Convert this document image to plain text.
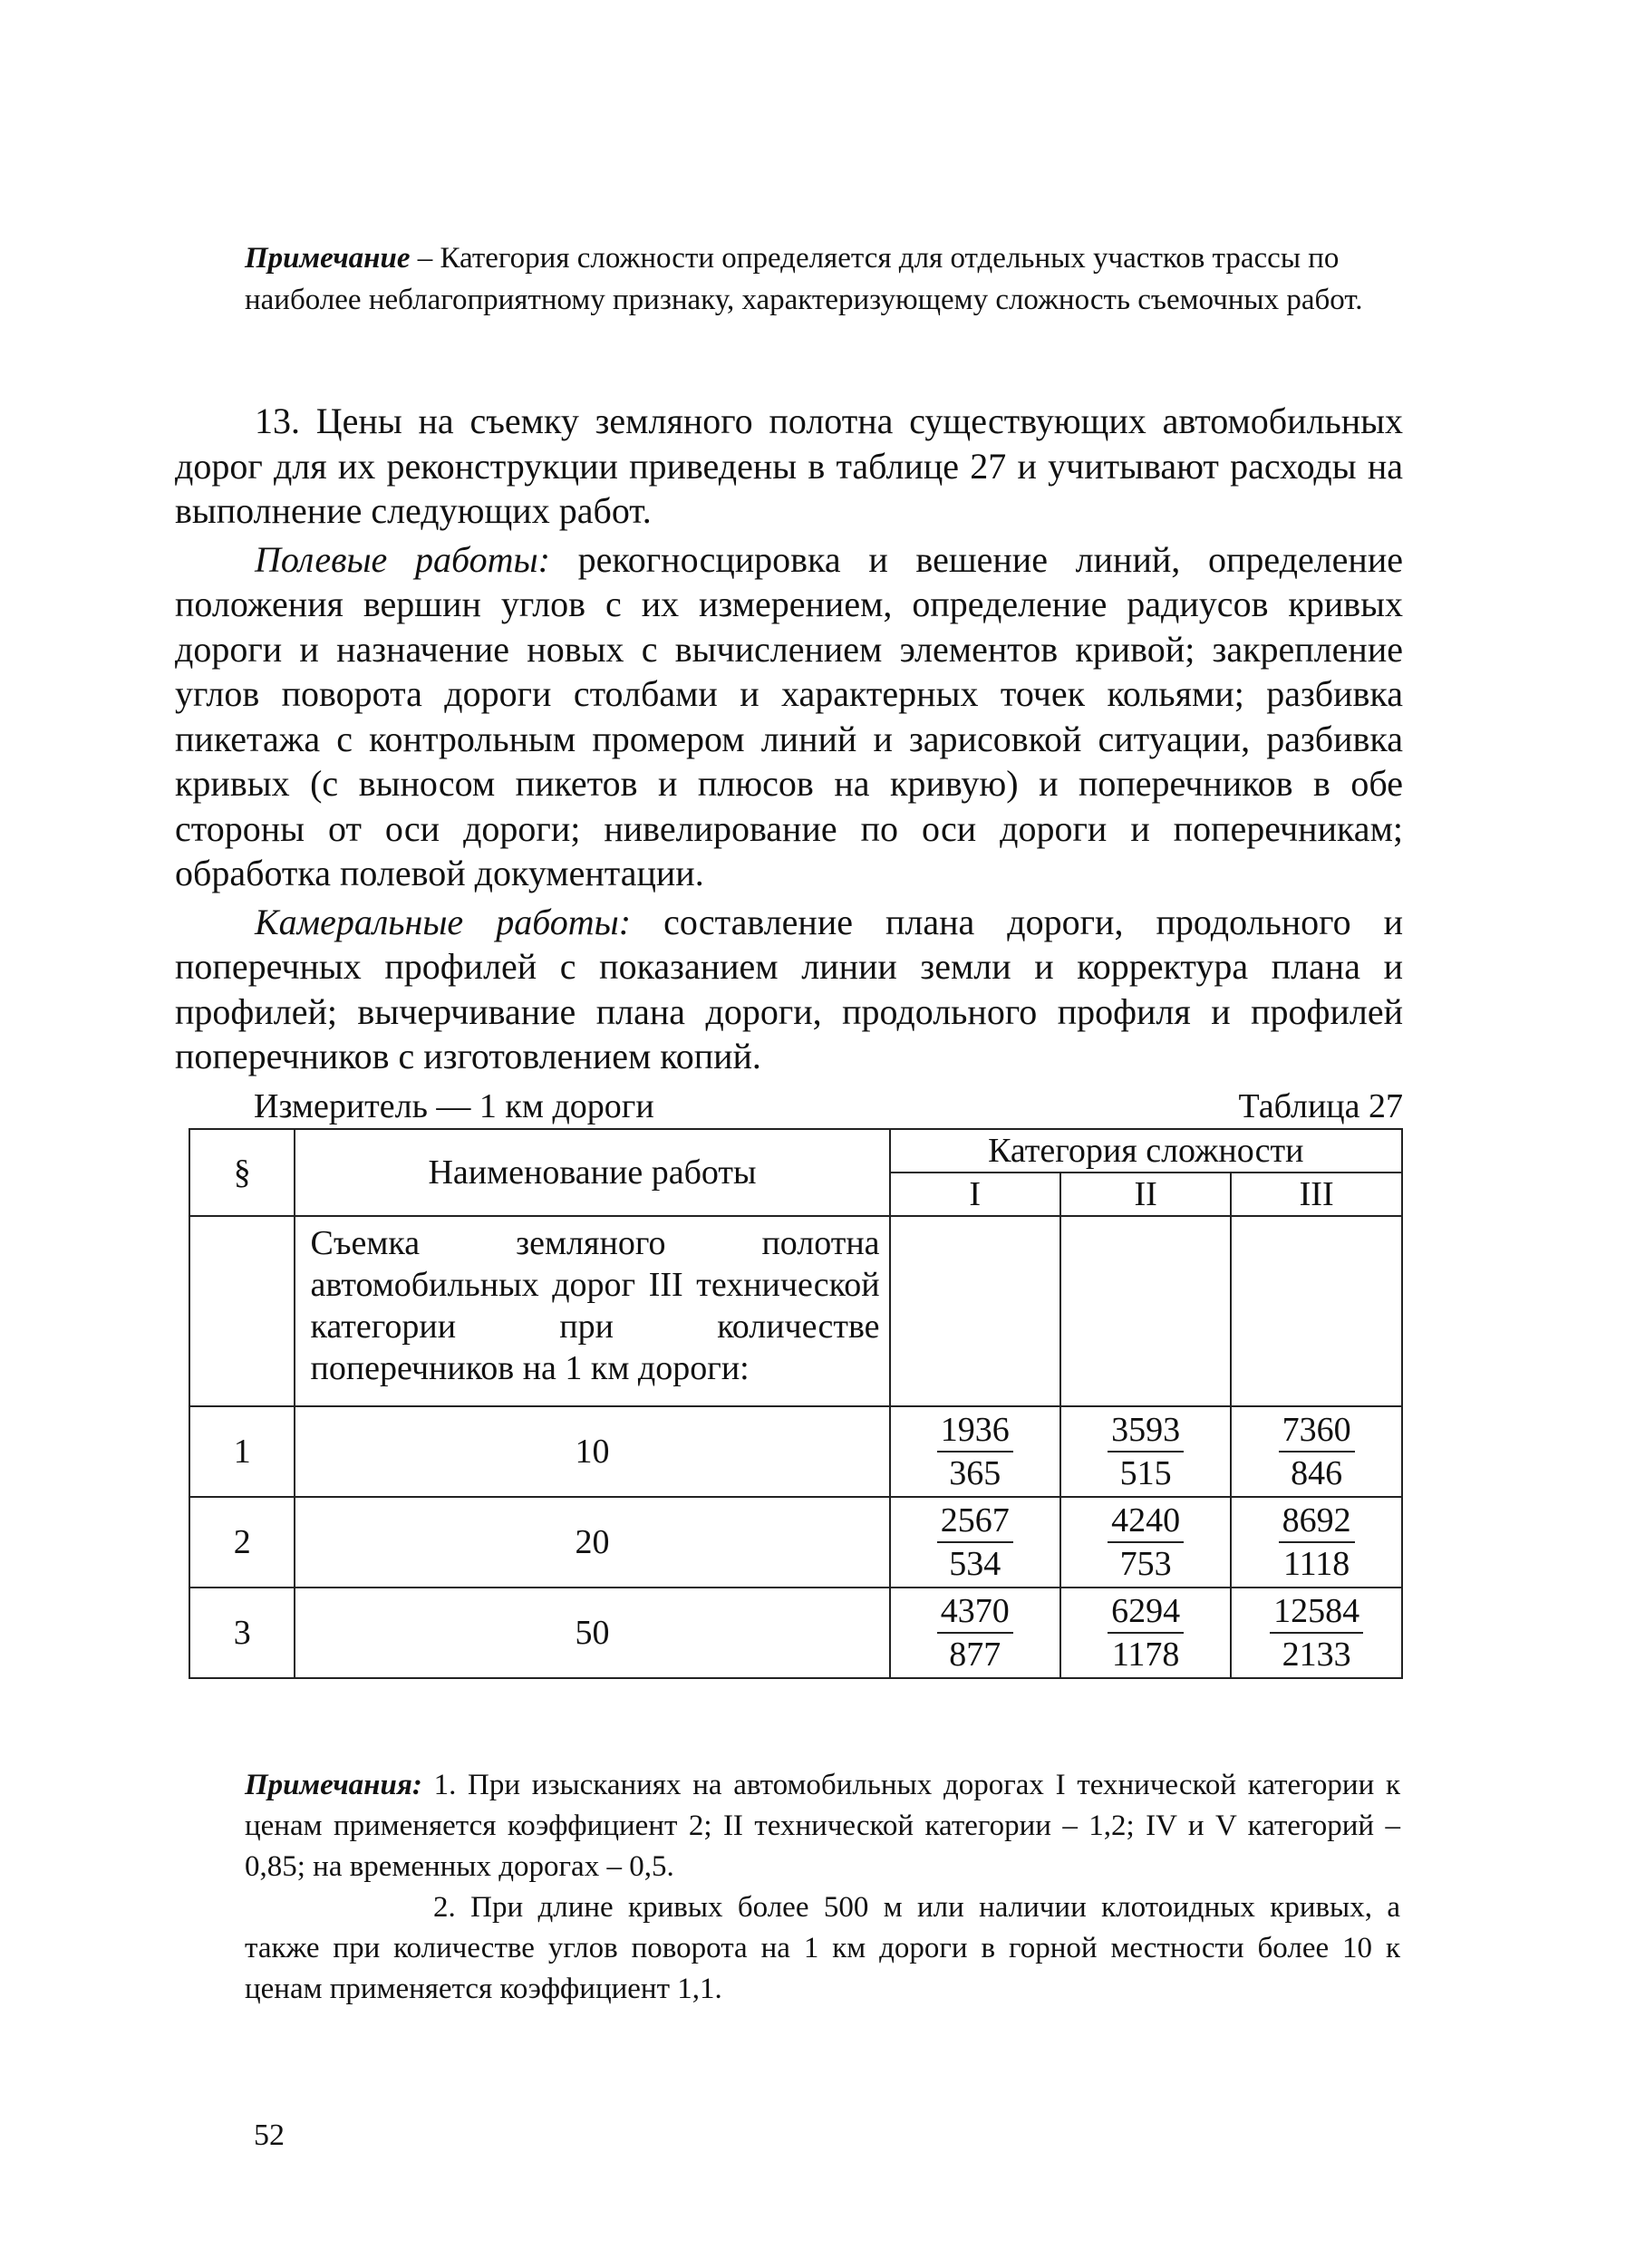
Примечание – Категория сложности определяется для отдельных участков трассы по наиболее неблагоприятному признаку, характеризующему сложность съемочных работ.

13. Цены на съемку земляного полотна существующих автомобильных дорог для их реконструкции приведены в таблице 27 и учитывают расходы на выполнение следующих работ.

Полевые работы: рекогносцировка и вешение линий, определение положения вершин углов с их измерением, определение радиусов кривых дороги и назначение новых с вычислением элементов кривой; закрепление углов поворота дороги столбами и характерных точек кольями; разбивка пикетажа с контрольным промером линий и зарисовкой ситуации, разбивка кривых (с выносом пикетов и плюсов на кривую) и поперечников в обе стороны от оси дороги; нивелирование по оси дороги и поперечникам; обработка полевой документации.

Камеральные работы: составление плана дороги, продольного и поперечных профилей с показанием линии земли и корректура плана и профилей; вычерчивание плана дороги, продольного профиля и профилей поперечников с изготовлением копий.

Измеритель — 1 км дороги	Таблица 27
§	Наименование работы	Категория сложности		
		I	II	III
	Съемка земляного полотна автомобильных дорог III технической категории при количестве поперечников на 1 км дороги:			
1	10	$\frac{1936}{365}$	$\frac{3593}{515}$	$\frac{7360}{846}$

2	20	$\frac{2567}{534}$	$\frac{4240}{753}$	$\frac{8692}{1118}$

3	50	$\frac{4370}{877}$	$\frac{6294}{1178}$	$\frac{12584}{2133}$
Примечания: 1. При изысканиях на автомобильных дорогах I технической категории к ценам применяется коэффициент 2; II технической категории – 1,2; IV и V категорий – 0,85; на временных дорогах – 0,5.
2. При длине кривых более 500 м или наличии клотоидных кривых, а также при количестве углов поворота на 1 км дороги в горной местности более 10 к ценам применяется коэффициент 1,1.
52
